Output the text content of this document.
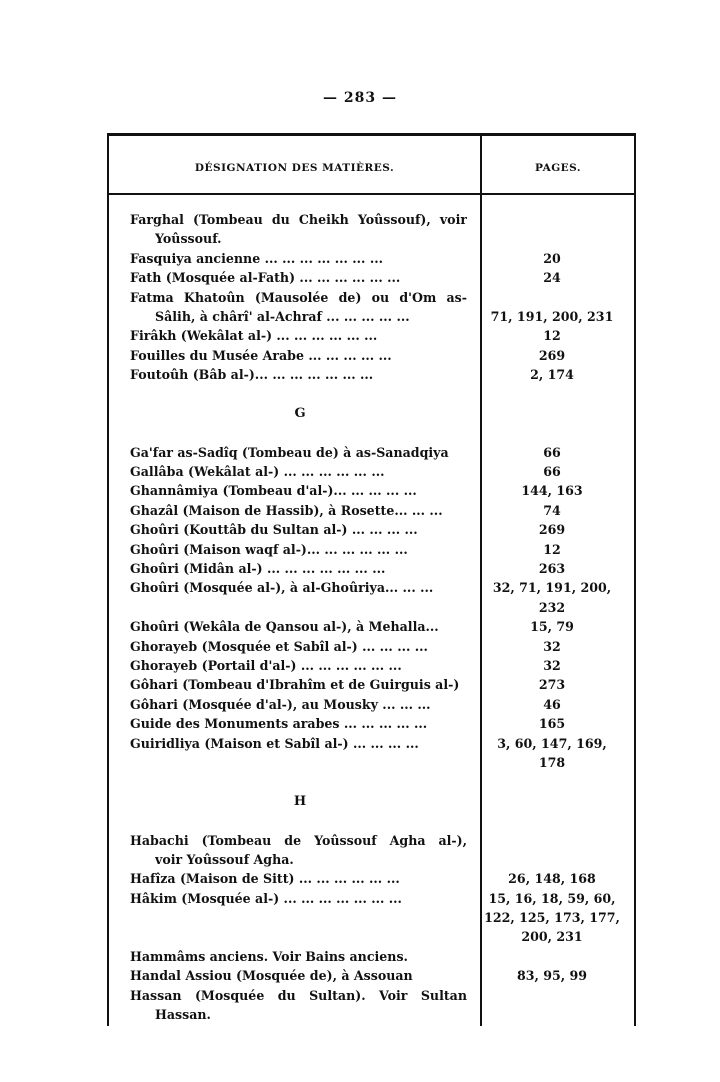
— 283 —
DÉSIGNATION DES MATIÈRES.	PAGES.
Farghal (Tombeau du Cheikh Yoûssouf), voir
Yoûssouf.
Fasquiya ancienne ... ... ... ... ... ... ...	20
Fath (Mosquée al-Fath) ... ... ... ... ... ...	24
Fatma Khatoûn (Mausolée de) ou d'Om as-
Sâlih, à chârî' al-Achraf ... ... ... ... ...	71, 191, 200, 231
Firâkh (Wekâlat al-) ... ... ... ... ... ...	12
Fouilles du Musée Arabe ... ... ... ... ...	269
Foutoûh (Bâb al-)... ... ... ... ... ... ...	2, 174
G
Ga'far as-Sadîq (Tombeau de) à as-Sanadqiya	66
Gallâba (Wekâlat al-) ... ... ... ... ... ...	66
Ghannâmiya (Tombeau d'al-)... ... ... ... ...	144, 163
Ghazâl (Maison de Hassib), à Rosette... ... ...	74
Ghoûri (Kouttâb du Sultan al-) ... ... ... ...	269
Ghoûri (Maison waqf al-)... ... ... ... ... ...	12
Ghoûri (Midân al-) ... ... ... ... ... ... ...	263
Ghoûri (Mosquée al-), à al-Ghoûriya... ... ...	32, 71, 191, 200,
232
Ghoûri (Wekâla de Qansou al-), à Mehalla...	15, 79
Ghorayeb (Mosquée et Sabîl al-) ... ... ... ...	32
Ghorayeb (Portail d'al-) ... ... ... ... ... ...	32
Gôhari (Tombeau d'Ibrahîm et de Guirguis al-)	273
Gôhari (Mosquée d'al-), au Mousky ... ... ...	46
Guide des Monuments arabes ... ... ... ... ...	165
Guiridliya (Maison et Sabîl al-) ... ... ... ...	3, 60, 147, 169,
178
H
Habachi (Tombeau de Yoûssouf Agha al-),
voir Yoûssouf Agha.
Hafîza (Maison de Sitt) ... ... ... ... ... ...	26, 148, 168
Hâkim (Mosquée al-) ... ... ... ... ... ... ...	15, 16, 18, 59, 60,
122, 125, 173, 177,
200, 231
Hammâms anciens. Voir Bains anciens.
Handal Assiou (Mosquée de), à Assouan	83, 95, 99
Hassan (Mosquée du Sultan). Voir Sultan
Hassan.
